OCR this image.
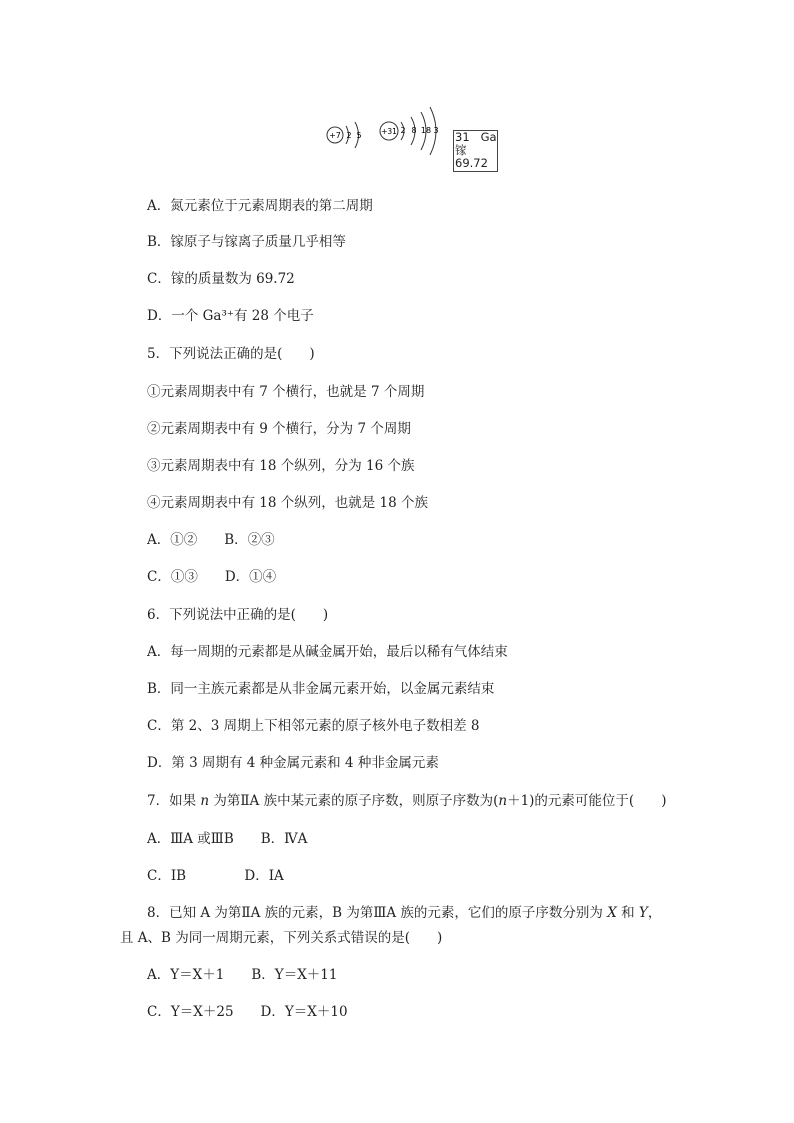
+7 2 5	+31 2 8 18 3 31 Ga
镓
69.72
A．氮元素位于元素周期表的第二周期
B．镓原子与镓离子质量几乎相等
C．镓的质量数为 69.72
D．一个 Ga³⁺有 28 个电子
5．下列说法正确的是(　　)
①元素周期表中有 7 个横行，也就是 7 个周期
②元素周期表中有 9 个横行，分为 7 个周期
③元素周期表中有 18 个纵列，分为 16 个族
④元素周期表中有 18 个纵列，也就是 18 个族
A．①②　　B．②③
C．①③　　D．①④
6．下列说法中正确的是(　　)
A．每一周期的元素都是从碱金属开始，最后以稀有气体结束
B．同一主族元素都是从非金属元素开始，以金属元素结束
C．第 2、3 周期上下相邻元素的原子核外电子数相差 8
D．第 3 周期有 4 种金属元素和 4 种非金属元素
7．如果 n 为第ⅡA 族中某元素的原子序数，则原子序数为(n＋1)的元素可能位于(　　)
A．ⅢA 或ⅢB　　B．ⅣA
C．ⅠB　　　　 D．ⅠA
8．已知 A 为第ⅡA 族的元素，B 为第ⅢA 族的元素，它们的原子序数分别为 X 和 Y，
且 A、B 为同一周期元素，下列关系式错误的是(　　)
A．Y＝X＋1　　B．Y＝X＋11
C．Y＝X＋25　　D．Y＝X＋10
